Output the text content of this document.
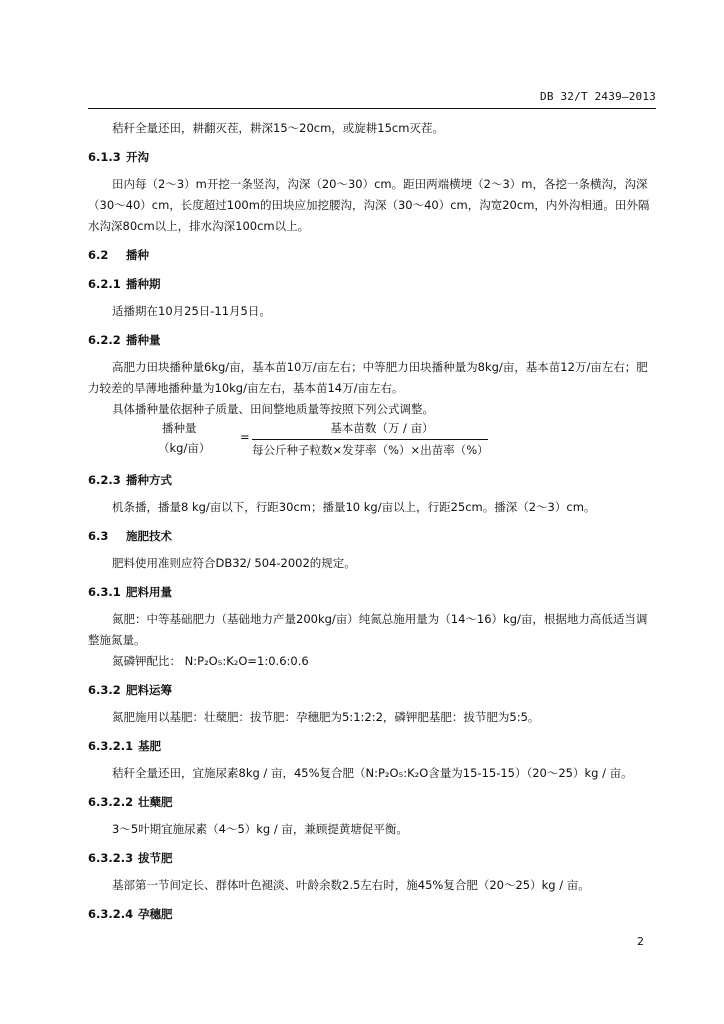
DB 32/T 2439—2013

秸秆全量还田，耕翻灭茬，耕深15～20cm，或旋耕15cm灭茬。

6.1.3 开沟

田内每（2～3）m开挖一条竖沟，沟深（20～30）cm。距田两端横埂（2～3）m，各挖一条横沟，沟深（30～40）cm，长度超过100m的田块应加挖腰沟，沟深（30～40）cm，沟宽20cm，内外沟相通。田外隔水沟深80cm以上，排水沟深100cm以上。

6.2 播种
6.2.1 播种期

适播期在10月25日-11月5日。

6.2.2 播种量

高肥力田块播种量6kg/亩，基本苗10万/亩左右；中等肥力田块播种量为8kg/亩，基本苗12万/亩左右；肥力较差的旱薄地播种量为10kg/亩左右，基本苗14万/亩左右。

具体播种量依据种子质量、田间整地质量等按照下列公式调整。

播种量
（kg/亩）
=
基本苗数（万 / 亩）
每公斤种子粒数×发芽率（%）×出苗率（%）
6.2.3 播种方式

机条播，播量8 kg/亩以下，行距30cm；播量10 kg/亩以上，行距25cm。播深（2～3）cm。

6.3 施肥技术

肥料使用准则应符合DB32/ 504-2002的规定。

6.3.1 肥料用量

氮肥：中等基础肥力（基础地力产量200kg/亩）纯氮总施用量为（14～16）kg/亩，根据地力高低适当调整施氮量。

氮磷钾配比： N:P₂O₅:K₂O=1:0.6:0.6

6.3.2 肥料运筹

氮肥施用以基肥：壮蘖肥：拔节肥：孕穗肥为5:1:2:2，磷钾肥基肥：拔节肥为5:5。

6.3.2.1 基肥

秸秆全量还田，宜施尿素8kg / 亩，45%复合肥（N:P₂O₅:K₂O含量为15-15-15）（20～25）kg / 亩。

6.3.2.2 壮蘖肥

3～5叶期宜施尿素（4～5）kg / 亩，兼顾提黄塘促平衡。

6.3.2.3 拔节肥

基部第一节间定长、群体叶色褪淡、叶龄余数2.5左右时，施45%复合肥（20～25）kg / 亩。

6.3.2.4 孕穗肥
2
